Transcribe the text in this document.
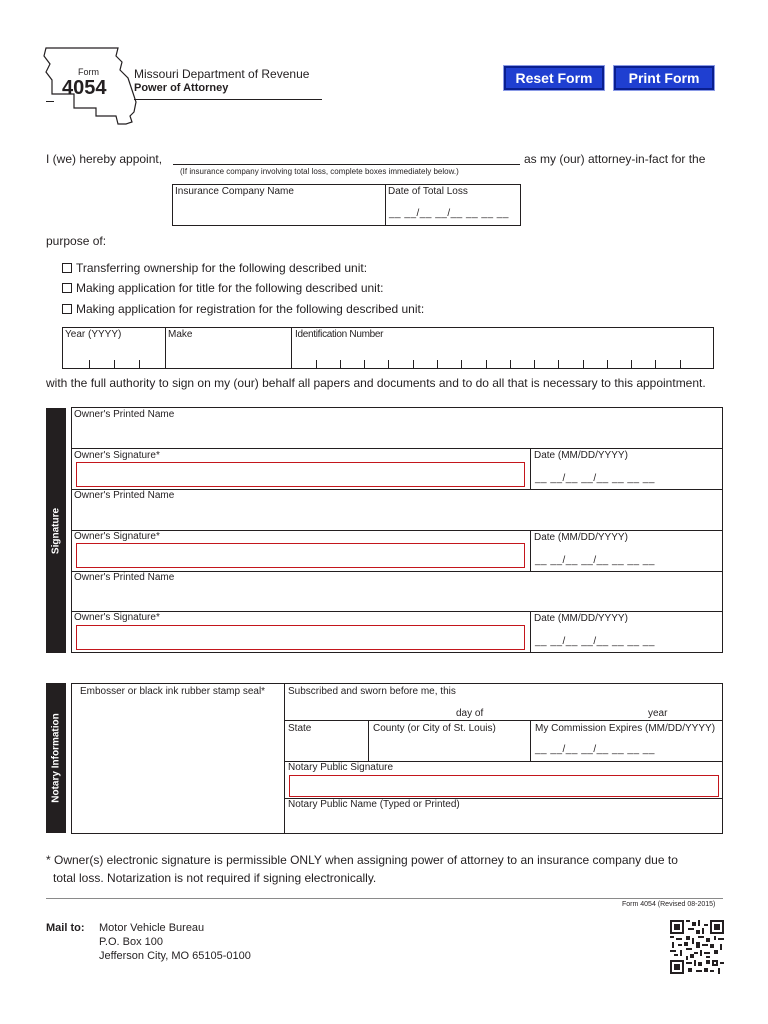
Form
4054
Missouri Department of Revenue
Power of Attorney
Reset Form	Print Form
I (we) hereby appoint,	as my (our) attorney-in-fact for the
(If insurance company involving total loss, complete boxes immediately below.)
Insurance Company Name	Date of Total Loss
__ __/__ __/__ __ __ __
purpose of:
Transferring ownership for the following described unit:
Making application for title for the following described unit:
Making application for registration for the following described unit:
Year (YYYY)	Make	Identification Number
with the full authority to sign on my (our) behalf all papers and documents and to do all that is necessary to this appointment.
Signature
Owner's Printed Name
Owner's Signature*	Date (MM/DD/YYYY)
__ __/__ __/__ __ __ __
Owner's Printed Name
Owner's Signature*	Date (MM/DD/YYYY)
__ __/__ __/__ __ __ __
Owner's Printed Name
Owner's Signature*	Date (MM/DD/YYYY)
__ __/__ __/__ __ __ __
Notary Information
Embosser or black ink rubber stamp seal* Subscribed and sworn before me, this
day of	year
State	County (or City of St. Louis)	My Commission Expires (MM/DD/YYYY)
__ __/__ __/__ __ __ __
Notary Public Signature
Notary Public Name (Typed or Printed)
* Owner(s) electronic signature is permissible ONLY when assigning power of attorney to an insurance company due to
total loss. Notarization is not required if signing electronically.
Form 4054 (Revised 08-2015)
Mail to: Motor Vehicle Bureau
P.O. Box 100
Jefferson City, MO 65105-0100
